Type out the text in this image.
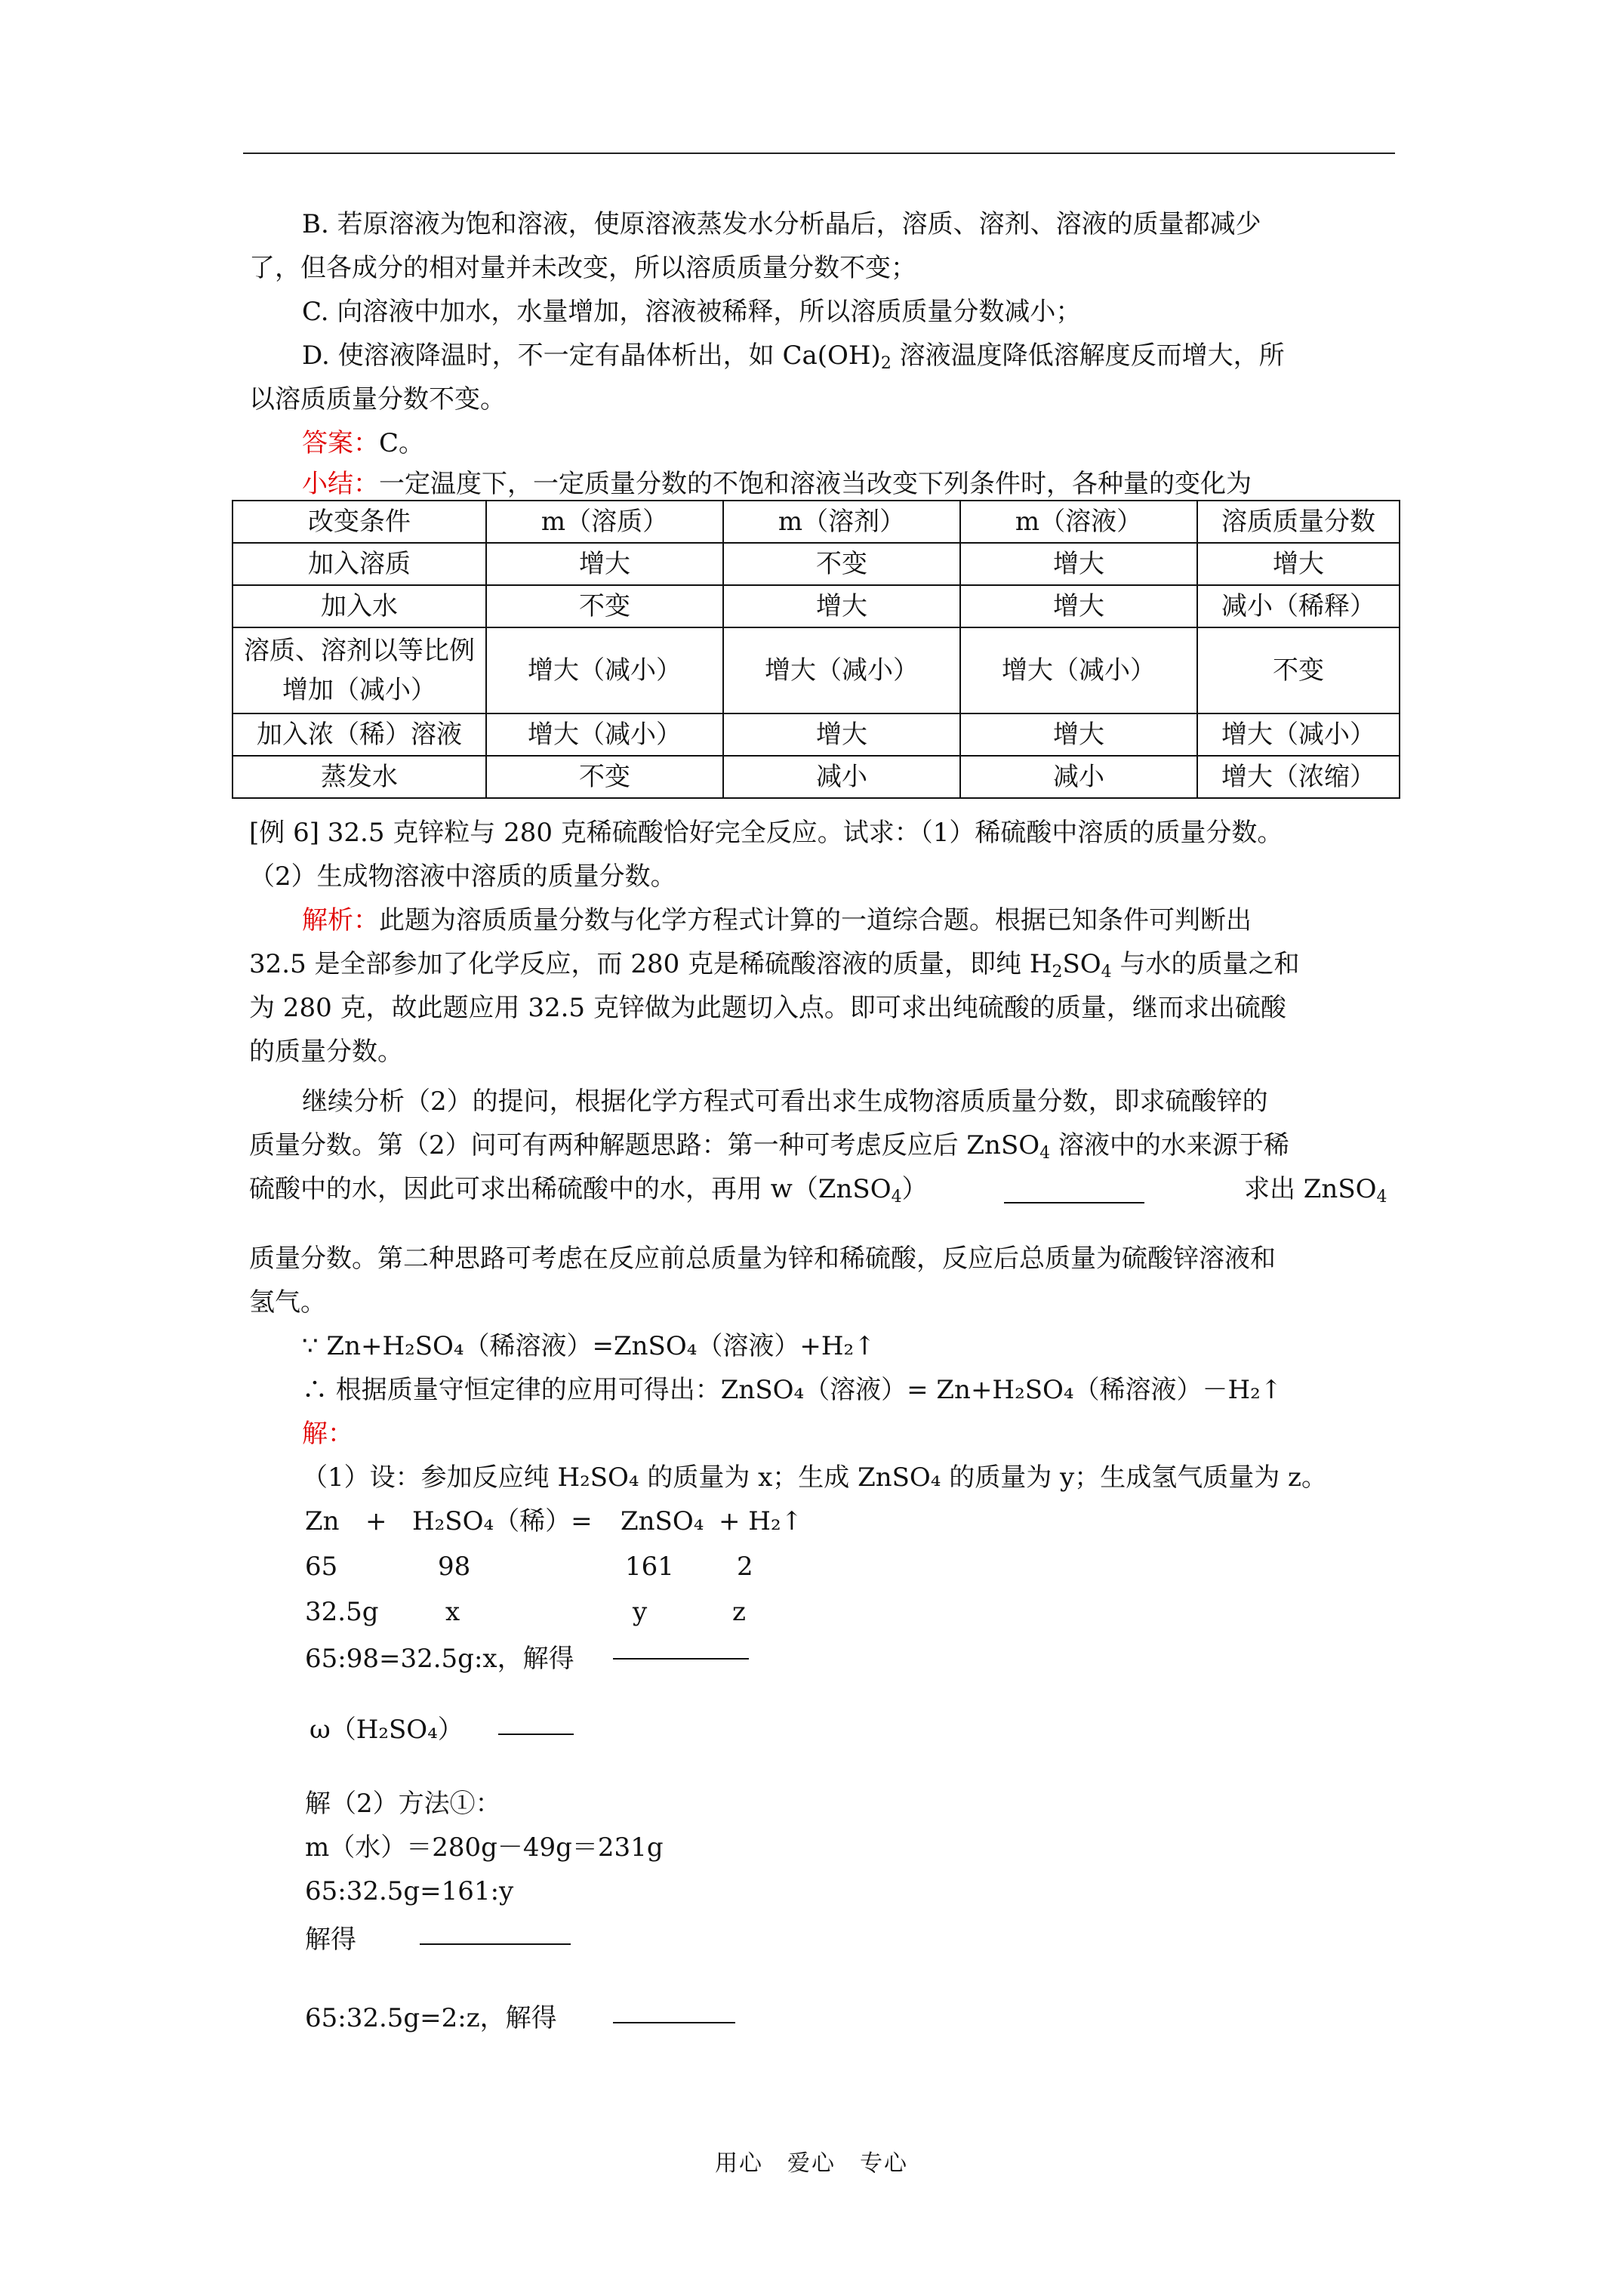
B. 若原溶液为饱和溶液，使原溶液蒸发水分析晶后，溶质、溶剂、溶液的质量都减少
了，但各成分的相对量并未改变，所以溶质质量分数不变；
C. 向溶液中加水，水量增加，溶液被稀释，所以溶质质量分数减小；
D. 使溶液降温时，不一定有晶体析出，如 $Ca(OH)_2$ 溶液温度降低溶解度反而增大，所
以溶质质量分数不变。
答案：C。
小结：一定温度下，一定质量分数的不饱和溶液当改变下列条件时，各种量的变化为
改变条件	m（溶质）	m（溶剂）	m（溶液）	溶质质量分数
加入溶质	增大	不变	增大	增大
加入水	不变	增大	增大	减小（稀释）
溶质、溶剂以等比例增加（减小）	增大（减小）	增大（减小）	增大（减小）	不变
加入浓（稀）溶液	增大（减小）	增大	增大	增大（减小）
蒸发水	不变	减小	减小	增大（浓缩）
[例 6] 32.5 克锌粒与 280 克稀硫酸恰好完全反应。试求：（1）稀硫酸中溶质的质量分数。
（2）生成物溶液中溶质的质量分数。
解析：此题为溶质质量分数与化学方程式计算的一道综合题。根据已知条件可判断出
32.5 是全部参加了化学反应，而 280 克是稀硫酸溶液的质量，即纯 $H_2SO_4$ 与水的质量之和
为 280 克，故此题应用 32.5 克锌做为此题切入点。即可求出纯硫酸的质量，继而求出硫酸
的质量分数。
继续分析（2）的提问，根据化学方程式可看出求生成物溶质质量分数，即求硫酸锌的
质量分数。第（2）问可有两种解题思路：第一种可考虑反应后 ZnSO$_4$ 溶液中的水来源于稀
硫酸中的水，因此可求出稀硫酸中的水，再用 w（ZnSO$_4$）	求出 ZnSO$_4$
质量分数。第二种思路可考虑在反应前总质量为锌和稀硫酸，反应后总质量为硫酸锌溶液和
氢气。
∵ Zn+H₂SO₄（稀溶液）=ZnSO₄（溶液）+H₂↑
∴ 根据质量守恒定律的应用可得出：ZnSO₄（溶液）= Zn+H₂SO₄（稀溶液）－H₂↑
解：
（1）设：参加反应纯 H₂SO₄ 的质量为 x；生成 ZnSO₄ 的质量为 y；生成氢气质量为 z。
Zn + H₂SO₄（稀）= ZnSO₄ + H₂↑
65	98	161 2
32.5g	x	y	z
65:98=32.5g:x，解得
ω（H₂SO₄）
解（2）方法①：
m（水）＝280g－49g＝231g
65:32.5g=161:y
解得
65:32.5g=2:z，解得
用心　爱心　专心
